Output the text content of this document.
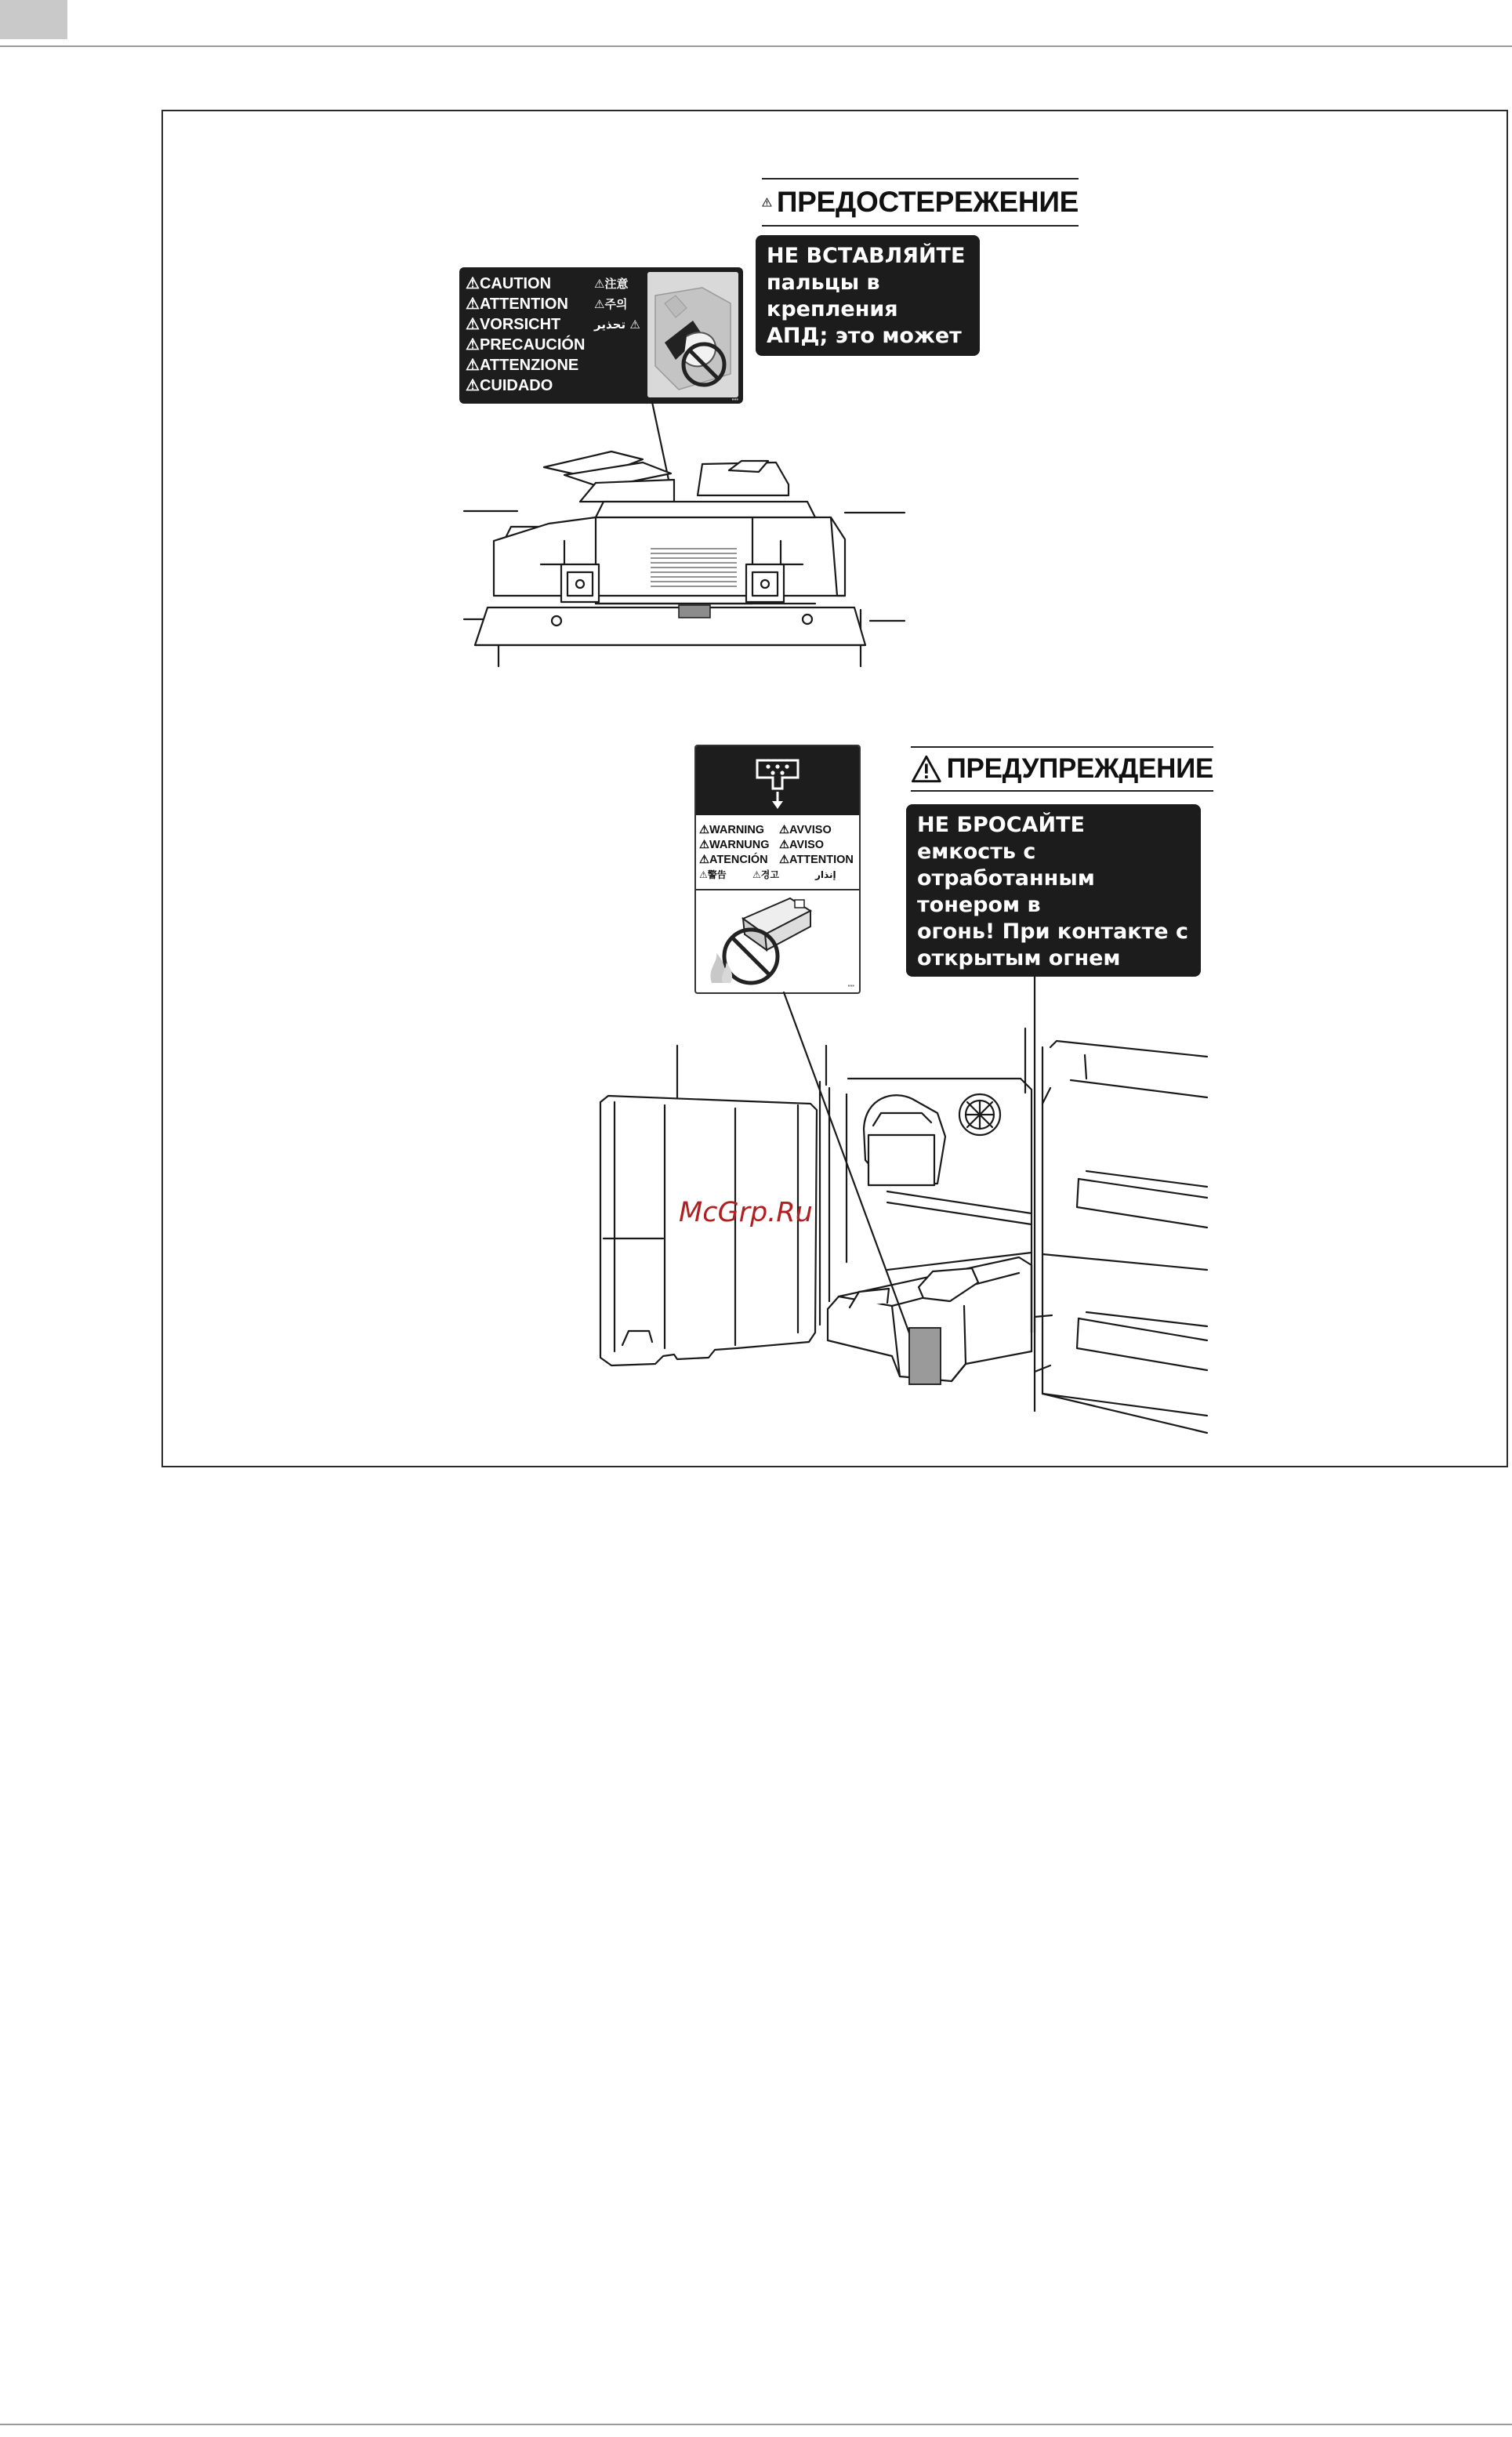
ПРЕДОСТЕРЕЖЕНИЕ
НЕ ВСТАВЛЯЙТЕ
пальцы в крепления
АПД; это может
привести к травме.
⚠CAUTION
⚠ATTENTION
⚠VORSICHT
⚠PRECAUCIÓN
⚠ATTENZIONE
⚠CUIDADO
⚠注意
⚠주의
تحذير ⚠
▪▪▪
ПРЕДУПРЕЖДЕНИЕ
НЕ БРОСАЙТЕ емкость с
отработанным тонером в
огонь! При контакте с
открытым огнем тонер
может воспламениться и
привести к
⚠WARNING	⚠AVVISO
⚠WARNUNG ⚠AVISO
⚠ATENCIÓN ⚠ATTENTION
⚠警告	⚠경고	إنذار
▪▪▪
McGrp.Ru
